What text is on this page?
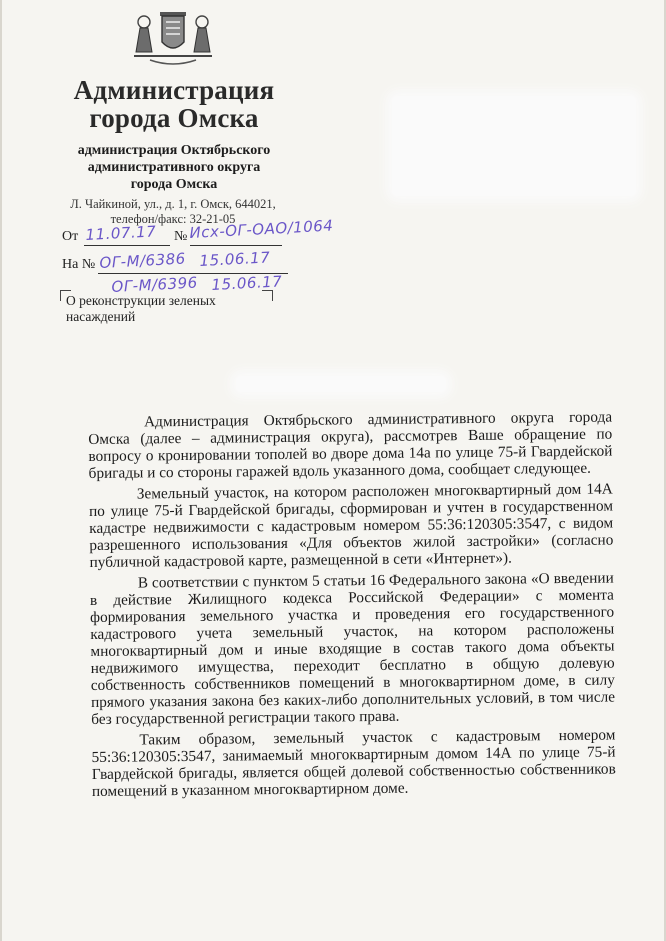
Администрация
города Омска
администрация Октябрьского
административного округа
города Омска
Л. Чайкиной, ул., д. 1, г. Омск, 644021,
телефон/факс: 32-21-05
От	№
11.07.17 Исх-ОГ-ОАО/1064
На № ОГ-М/6386 15.06.17
ОГ-М/6396 15.06.17
О реконструкции зеленых
насаждений

Администрация Октябрьского административного округа города Омска (далее – администрация округа), рассмотрев Ваше обращение по вопросу о кронировании тополей во дворе дома 14а по улице 75-й Гвардейской бригады и со стороны гаражей вдоль указанного дома, сообщает следующее.

Земельный участок, на котором расположен многоквартирный дом 14А по улице 75-й Гвардейской бригады, сформирован и учтен в государственном кадастре недвижимости с кадастровым номером 55:36:120305:3547, с видом разрешенного использования «Для объектов жилой застройки» (согласно публичной кадастровой карте, размещенной в сети «Интернет»).

В соответствии с пунктом 5 статьи 16 Федерального закона «О введении в действие Жилищного кодекса Российской Федерации» с момента формирования земельного участка и проведения его государственного кадастрового учета земельный участок, на котором расположены многоквартирный дом и иные входящие в состав такого дома объекты недвижимого имущества, переходит бесплатно в общую долевую собственность собственников помещений в многоквартирном доме, в силу прямого указания закона без каких-либо дополнительных условий, в том числе без государственной регистрации такого права.

Таким образом, земельный участок с кадастровым номером 55:36:120305:3547, занимаемый многоквартирным домом 14А по улице 75-й Гвардейской бригады, является общей долевой собственностью собственников помещений в указанном многоквартирном доме.
